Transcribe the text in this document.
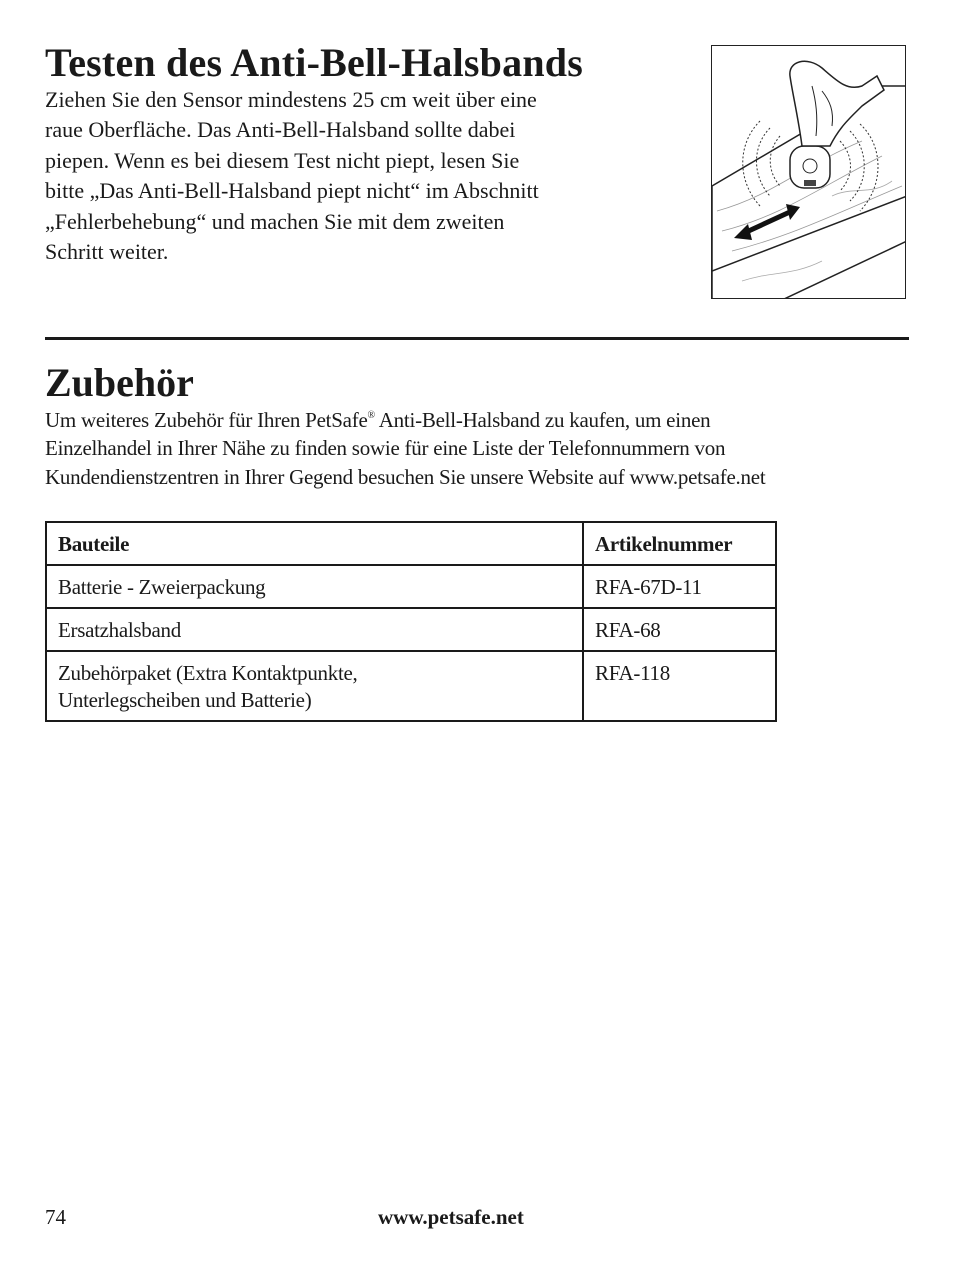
Testen des Anti-Bell-Halsbands

Ziehen Sie den Sensor mindestens 25 cm weit über eine
raue Oberfläche. Das Anti-Bell-Halsband sollte dabei
piepen. Wenn es bei diesem Test nicht piept, lesen Sie
bitte „Das Anti-Bell-Halsband piept nicht“ im Abschnitt
„Fehlerbehebung“ und machen Sie mit dem zweiten
Schritt weiter.

Zubehör

Um weiteres Zubehör für Ihren PetSafe® Anti-Bell-Halsband zu kaufen, um einen
Einzelhandel in Ihrer Nähe zu finden sowie für eine Liste der Telefonnummern von
Kundendienstzentren in Ihrer Gegend besuchen Sie unsere Website auf www.petsafe.net

Bauteile	Artikelnummer
Batterie - Zweierpackung	RFA-67D-11
Ersatzhalsband	RFA-68

Zubehörpaket (Extra Kontaktpunkte,
Unterlegscheiben und Batterie)	RFA-118

74	www.petsafe.net
